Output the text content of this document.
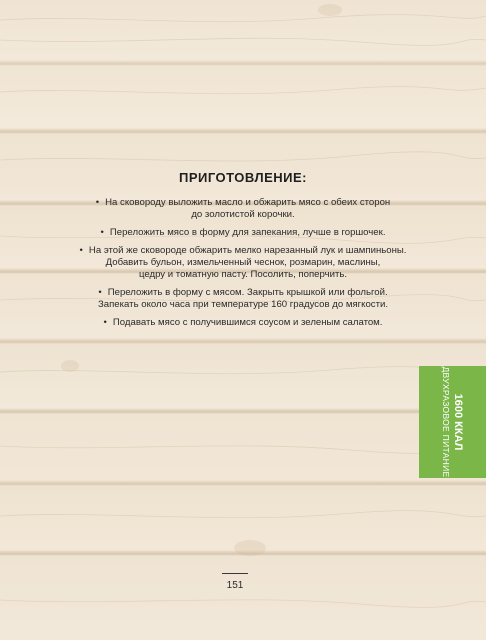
ПРИГОТОВЛЕНИЕ:
• На сковороду выложить масло и обжарить мясо с обеих сторон
до золотистой корочки.
• Переложить мясо в форму для запекания, лучше в горшочек.
• На этой же сковороде обжарить мелко нарезанный лук и шампиньоны.
Добавить бульон, измельченный чеснок, розмарин, маслины,
цедру и томатную пасту. Посолить, поперчить.
• Переложить в форму с мясом. Закрыть крышкой или фольгой.
Запекать около часа при температуре 160 градусов до мягкости.
• Подавать мясо с получившимся соусом и зеленым салатом.
1600 ККАЛ
ДВУХРАЗОВОЕ ПИТАНИЕ
151
